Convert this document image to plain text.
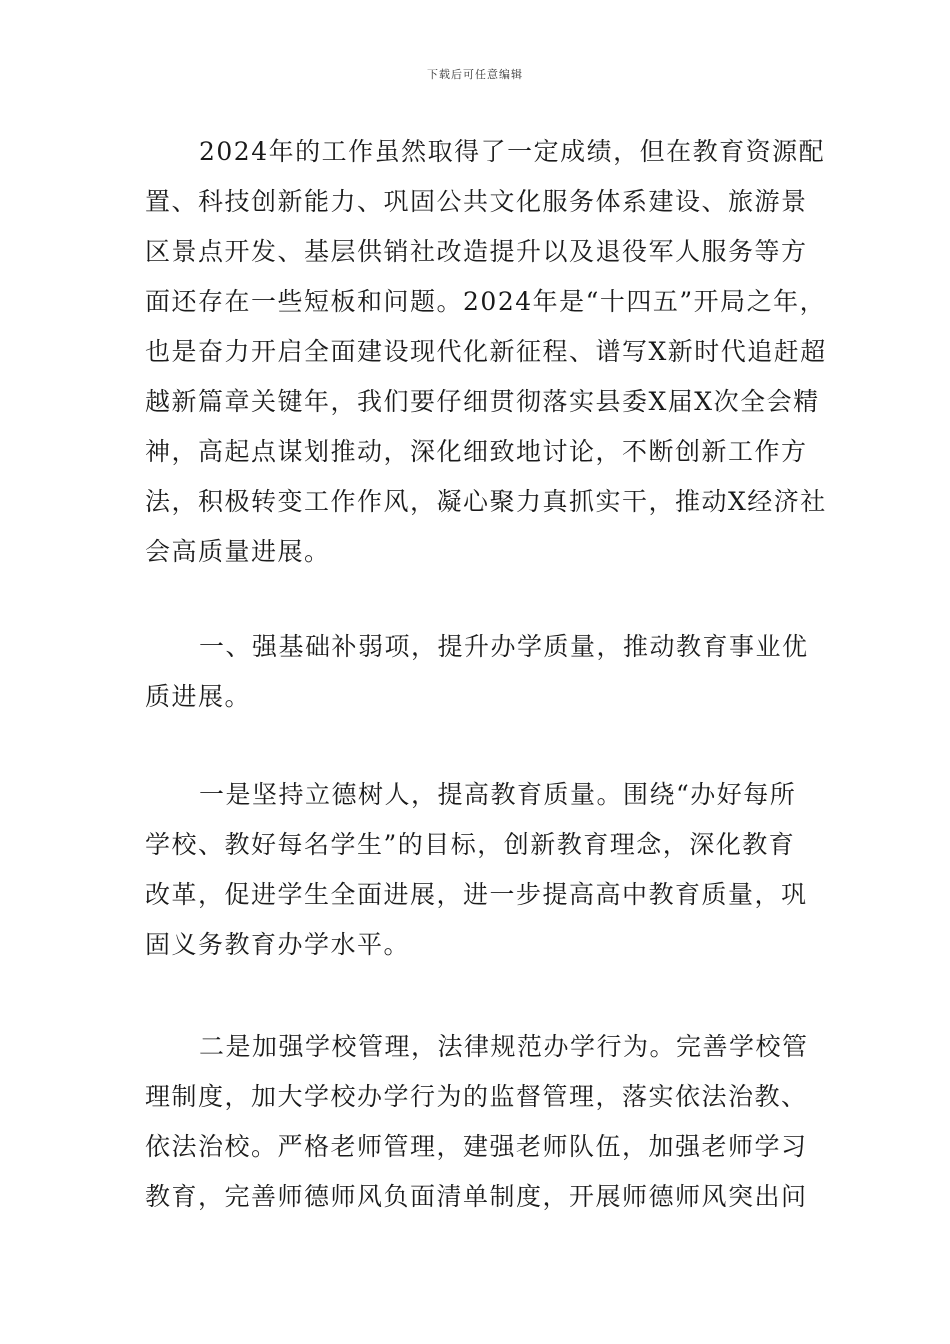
下载后可任意编辑
2024年的工作虽然取得了一定成绩，但在教育资源配
置、科技创新能力、巩固公共文化服务体系建设、旅游景
区景点开发、基层供销社改造提升以及退役军人服务等方
面还存在一些短板和问题。2024年是“十四五”开局之年，
也是奋力开启全面建设现代化新征程、谱写X新时代追赶超
越新篇章关键年，我们要仔细贯彻落实县委X届X次全会精
神，高起点谋划推动，深化细致地讨论，不断创新工作方
法，积极转变工作作风，凝心聚力真抓实干，推动X经济社
会高质量进展。
一、强基础补弱项，提升办学质量，推动教育事业优
质进展。
一是坚持立德树人，提高教育质量。围绕“办好每所
学校、教好每名学生”的目标，创新教育理念，深化教育
改革，促进学生全面进展，进一步提高高中教育质量，巩
固义务教育办学水平。
二是加强学校管理，法律规范办学行为。完善学校管
理制度，加大学校办学行为的监督管理，落实依法治教、
依法治校。严格老师管理，建强老师队伍，加强老师学习
教育，完善师德师风负面清单制度，开展师德师风突出问
